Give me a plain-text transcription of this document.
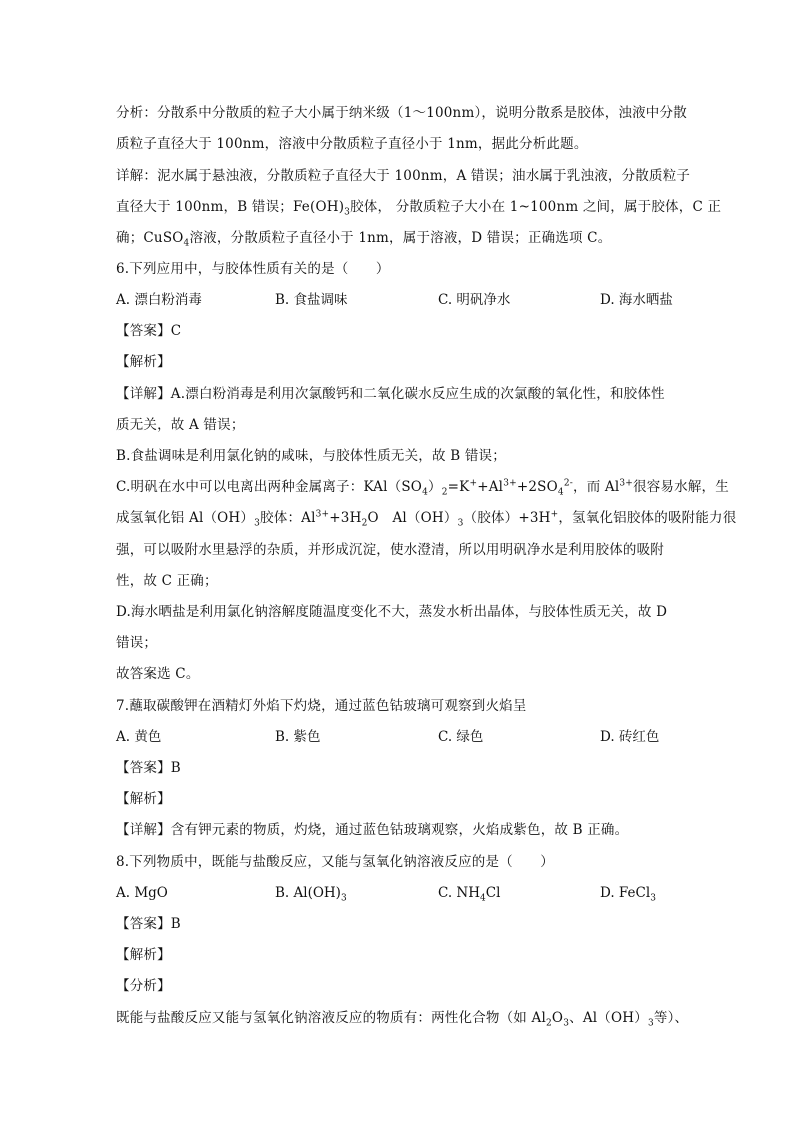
分析：分散系中分散质的粒子大小属于纳米级（1～100nm），说明分散系是胶体，浊液中分散
质粒子直径大于 100nm，溶液中分散质粒子直径小于 1nm，据此分析此题。
详解：泥水属于悬浊液，分散质粒子直径大于 100nm，A 错误；油水属于乳浊液，分散质粒子
直径大于 100nm，B 错误；$Fe(OH)_3$胶体， 分散质粒子大小在 1~100nm 之间，属于胶体，C 正
确；CuSO$_4$溶液，分散质粒子直径小于 1nm，属于溶液，D 错误；正确选项 C。
6.下列应用中，与胶体性质有关的是（　　）
A. 漂白粉消毒	B. 食盐调味	C. 明矾净水	D. 海水晒盐
【答案】C
【解析】
【详解】A.漂白粉消毒是利用次氯酸钙和二氧化碳水反应生成的次氯酸的氧化性，和胶体性
质无关，故 A 错误；
B.食盐调味是利用氯化钠的咸味，与胶体性质无关，故 B 错误；
C.明矾在水中可以电离出两种金属离子：$KAl(SO_4)_2=K^++Al^{3+}+2SO_4^{2-}$，而 $Al^{3+}$很容易水解，生
成氢氧化铝 $Al(OH)_3$胶体：$Al^{3+}+3H_2O$　$Al(OH)_3$（胶体）+3H+，氢氧化铝胶体的吸附能力很
强，可以吸附水里悬浮的杂质，并形成沉淀，使水澄清，所以用明矾净水是利用胶体的吸附
性，故 C 正确；
D.海水晒盐是利用氯化钠溶解度随温度变化不大，蒸发水析出晶体，与胶体性质无关，故 D
错误；
故答案选 C。
7.蘸取碳酸钾在酒精灯外焰下灼烧，通过蓝色钴玻璃可观察到火焰呈
A. 黄色	B. 紫色	C. 绿色	D. 砖红色
【答案】B
【解析】
【详解】含有钾元素的物质，灼烧，通过蓝色钴玻璃观察，火焰成紫色，故 B 正确。
8.下列物质中，既能与盐酸反应，又能与氢氧化钠溶液反应的是（　　）
A. MgO	B. $Al(OH)_3$	C. $NH_4Cl$	D. FeCl$_3$
【答案】B
【解析】
【分析】
既能与盐酸反应又能与氢氧化钠溶液反应的物质有：两性化合物（如 $Al_2O_3$、$Al(OH)_3$等）、
